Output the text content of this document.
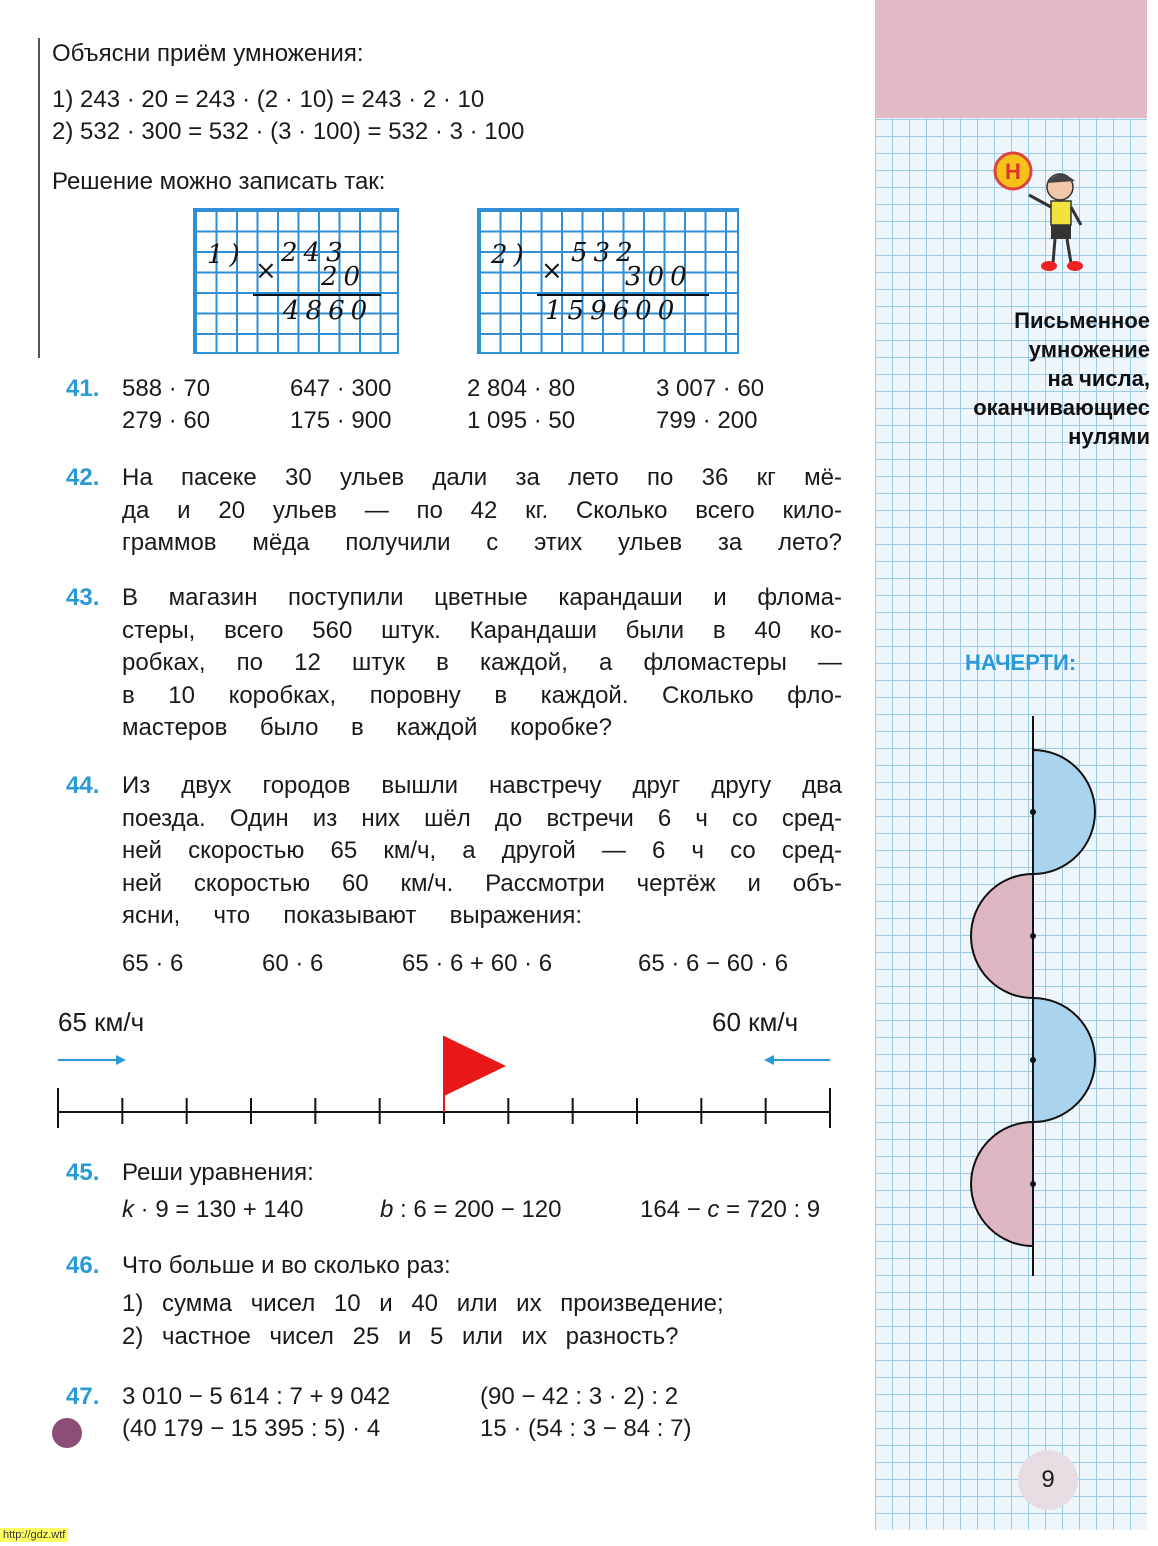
Объясни приём умножения:
1) 243 · 20 = 243 · (2 · 10) = 243 · 2 · 10
2) 532 · 300 = 532 · (3 · 100) = 532 · 3 · 100
Решение можно записать так:
1)
×
243
20
4860
2)
×
532
300
159600
41. 588 · 70	647 · 300	2 804 · 80	3 007 · 60
279 · 60	175 · 900	1 095 · 50	799 · 200
42. На пасеке 30 ульев дали за лето по 36 кг мё-
да и 20 ульев — по 42 кг. Сколько всего кило-
граммов мёда получили с этих ульев за лето?
43. В магазин поступили цветные карандаши и флома-
стеры, всего 560 штук. Карандаши были в 40 ко-
робках, по 12 штук в каждой, а фломастеры —
в 10 коробках, поровну в каждой. Сколько фло-
мастеров было в каждой коробке?
44. Из двух городов вышли навстречу друг другу два
поезда. Один из них шёл до встречи 6 ч со сред-
ней скоростью 65 км/ч, а другой — 6 ч со сред-
ней скоростью 60 км/ч. Рассмотри чертёж и объ-
ясни, что показывают выражения:
65 · 6	60 · 6	65 · 6 + 60 · 6	65 · 6 − 60 · 6
65 км/ч	60 км/ч
45. Реши уравнения:
k · 9 = 130 + 140	b : 6 = 200 − 120	164 − c = 720 : 9
46. Что больше и во сколько раз:
1) сумма чисел 10 и 40 или их произведение;
2) частное чисел 25 и 5 или их разность?
47. 3 010 − 5 614 : 7 + 9 042	(90 − 42 : 3 · 2) : 2
(40 179 − 15 395 : 5) · 4	15 · (54 : 3 − 84 : 7)
Н
Письменное
умножение
на числа,
оканчивающиес
нулями
НАЧЕРТИ:
9
http://gdz.wtf
